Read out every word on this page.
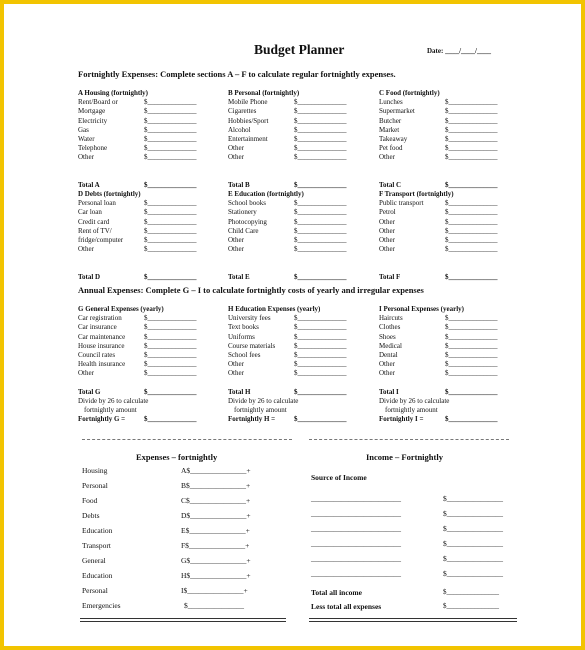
Budget Planner	Date: ____/____/____
Fortnightly Expenses: Complete sections A – F to calculate regular fortnightly expenses.
A Housing (fortnightly)
Rent/Board or	$______________
Mortgage	$______________
Electricity	$______________
Gas	$______________
Water	$______________
Telephone	$______________
Other	$______________
Total A	$______________
B Personal (fortnightly)
Mobile Phone	$______________
Cigarettes	$______________
Hobbies/Sport	$______________
Alcohol	$______________
Entertainment	$______________
Other	$______________
Other	$______________
Total B	$______________
C Food (fortnightly)
Lunches	$______________
Supermarket	$______________
Butcher	$______________
Market	$______________
Takeaway	$______________
Pet food	$______________
Other	$______________
Total C	$______________
D Debts (fortnightly)
Personal loan	$______________
Car loan	$______________
Credit card	$______________
Rent of TV/	$______________
fridge/computer	$______________
Other	$______________
Total D	$______________
E Education (fortnightly)
School books	$______________
Stationery	$______________
Photocopying	$______________
Child Care	$______________
Other	$______________
Other	$______________
Total E	$______________
F Transport (fortnightly)
Public transport	$______________
Petrol	$______________
Other	$______________
Other	$______________
Other	$______________
Other	$______________
Total F	$______________
Annual Expenses: Complete G – I to calculate fortnightly costs of yearly and irregular expenses
G General Expenses (yearly)
Car registration	$______________
Car insurance	$______________
Car maintenance	$______________
House insurance	$______________
Council rates	$______________
Health insurance	$______________
Other	$______________
Total G	$______________
Divide by 26 to calculate
fortnightly amount
Fortnightly G =	$______________
H Education Expenses (yearly)
University fees	$______________
Text books	$______________
Uniforms	$______________
Course materials	$______________
School fees	$______________
Other	$______________
Other	$______________
Total H	$______________
Divide by 26 to calculate
fortnightly amount
Fortnightly H =	$______________
I Personal Expenses (yearly)
Haircuts	$______________
Clothes	$______________
Shoes	$______________
Medical	$______________
Dental	$______________
Other	$______________
Other	$______________
Total I	$______________
Divide by 26 to calculate
fortnightly amount
Fortnightly I =	$______________
Expenses – fortnightly
Housing	A$_______________+
Personal	B$_______________+
Food	C$_______________+
Debts	D$_______________+
Education	E$_______________+
Transport	F$_______________+
General	G$_______________+
Education	H$_______________+
Personal	I$_______________+
Emergencies	$_______________
Income – Fortnightly
Source of Income
________________________	$_______________
________________________	$_______________
________________________	$_______________
________________________	$_______________
________________________	$_______________
________________________	$_______________
Total all income	$_______________
Less total all expenses	$_______________
